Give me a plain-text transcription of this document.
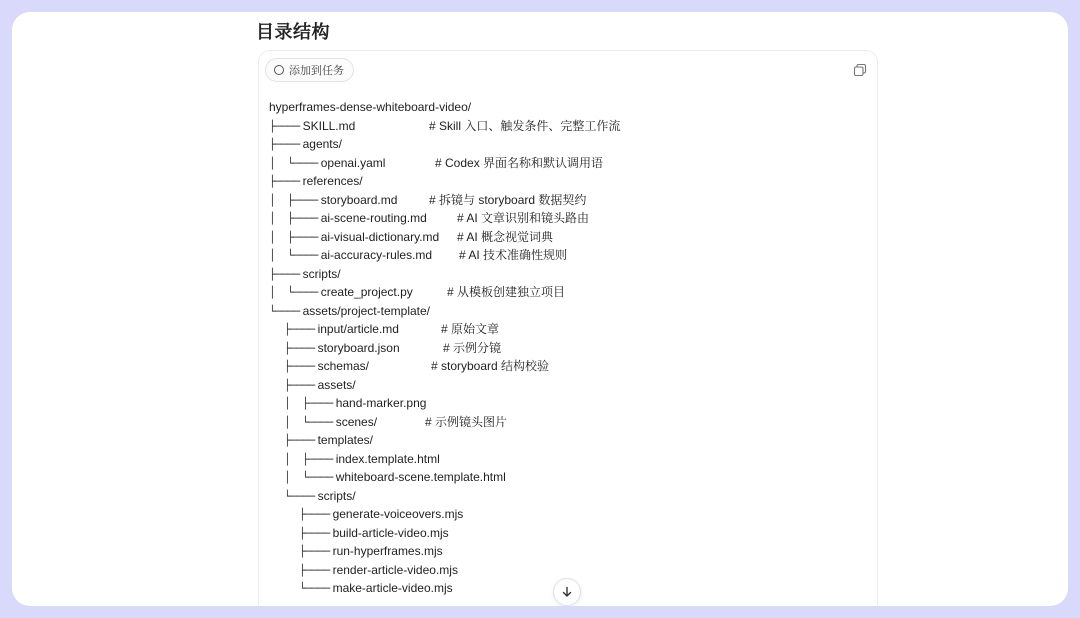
目录结构
添加到任务
hyperframes-dense-whiteboard-video/
├──── SKILL.md	# Skill 入口、触发条件、完整工作流
├──── agents/
│    └──── openai.yaml	# Codex 界面名称和默认调用语
├──── references/
│    ├──── storyboard.md	# 拆镜与 storyboard 数据契约
│    ├──── ai-scene-routing.md	# AI 文章识别和镜头路由
│    ├──── ai-visual-dictionary.md # AI 概念视觉词典
│    └──── ai-accuracy-rules.md # AI 技术准确性规则
├──── scripts/
│    └──── create_project.py	# 从模板创建独立项目
└──── assets/project-template/
├──── input/article.md	# 原始文章
├──── storyboard.json	# 示例分镜
├──── schemas/	# storyboard 结构校验
├──── assets/
│    ├──── hand-marker.png
│    └──── scenes/	# 示例镜头图片
├──── templates/
│    ├──── index.template.html
│    └──── whiteboard-scene.template.html
└──── scripts/
├──── generate-voiceovers.mjs
├──── build-article-video.mjs
├──── run-hyperframes.mjs
├──── render-article-video.mjs
└──── make-article-video.mjs
